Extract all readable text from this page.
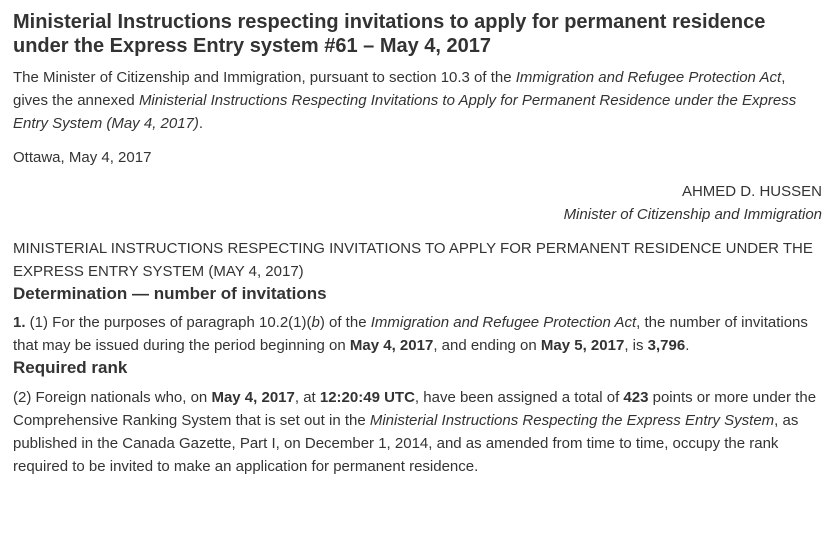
Ministerial Instructions respecting invitations to apply for permanent residence under the Express Entry system #61 – May 4, 2017

The Minister of Citizenship and Immigration, pursuant to section 10.3 of the Immigration and Refugee Protection Act, gives the annexed Ministerial Instructions Respecting Invitations to Apply for Permanent Residence under the Express Entry System (May 4, 2017).

Ottawa, May 4, 2017

AHMED D. HUSSEN
Minister of Citizenship and Immigration

MINISTERIAL INSTRUCTIONS RESPECTING INVITATIONS TO APPLY FOR PERMANENT RESIDENCE UNDER THE EXPRESS ENTRY SYSTEM (MAY 4, 2017)

Determination — number of invitations

1. (1) For the purposes of paragraph 10.2(1)(b) of the Immigration and Refugee Protection Act, the number of invitations that may be issued during the period beginning on May 4, 2017, and ending on May 5, 2017, is 3,796.

Required rank

(2) Foreign nationals who, on May 4, 2017, at 12:20:49 UTC, have been assigned a total of 423 points or more under the Comprehensive Ranking System that is set out in the Ministerial Instructions Respecting the Express Entry System, as published in the Canada Gazette, Part I, on December 1, 2014, and as amended from time to time, occupy the rank required to be invited to make an application for permanent residence.
